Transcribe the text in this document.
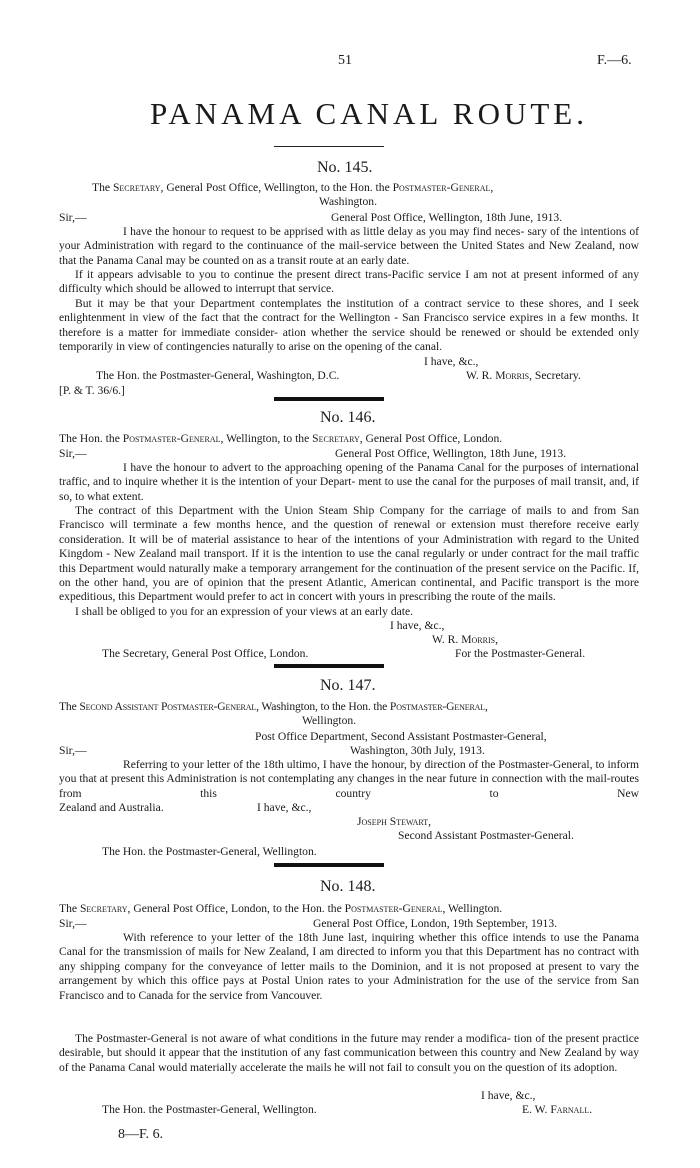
51	F.—6.
PANAMA CANAL ROUTE.
No. 145.
The Secretary, General Post Office, Wellington, to the Hon. the Postmaster-General,
Washington.
Sir,—	General Post Office, Wellington, 18th June, 1913.
I have the honour to request to be apprised with as little delay as you may find neces- sary of the intentions of your Administration with regard to the continuance of the mail-service between the United States and New Zealand, now that the Panama Canal may be counted on as a transit route at an early date.
If it appears advisable to you to continue the present direct trans-Pacific service I am not at present informed of any difficulty which should be allowed to interrupt that service.
But it may be that your Department contemplates the institution of a contract service to these shores, and I seek enlightenment in view of the fact that the contract for the Wellington - San Francisco service expires in a few months. It therefore is a matter for immediate consider- ation whether the service should be renewed or should be extended only temporarily in view of contingencies naturally to arise on the opening of the canal.
I have, &c.,
The Hon. the Postmaster-General, Washington, D.C.	W. R. Morris, Secretary.
[P. & T. 36/6.]
No. 146.
The Hon. the Postmaster-General, Wellington, to the Secretary, General Post Office, London.
Sir,—	General Post Office, Wellington, 18th June, 1913.
I have the honour to advert to the approaching opening of the Panama Canal for the purposes of international traffic, and to inquire whether it is the intention of your Depart- ment to use the canal for the purposes of mail transit, and, if so, to what extent.
The contract of this Department with the Union Steam Ship Company for the carriage of mails to and from San Francisco will terminate a few months hence, and the question of renewal or extension must therefore receive early consideration. It will be of material assistance to hear of the intentions of your Administration with regard to the United Kingdom - New Zealand mail transport. If it is the intention to use the canal regularly or under contract for the mail traffic this Department would naturally make a temporary arrangement for the continuation of the present service on the Pacific. If, on the other hand, you are of opinion that the present Atlantic, American continental, and Pacific transport is the more expeditious, this Department would prefer to act in concert with yours in prescribing the route of the mails.
I shall be obliged to you for an expression of your views at an early date.
I have, &c.,
W. R. Morris,
The Secretary, General Post Office, London.	For the Postmaster-General.
No. 147.
The Second Assistant Postmaster-General, Washington, to the Hon. the Postmaster-General,
Wellington.
Post Office Department, Second Assistant Postmaster-General,
Sir,—	Washington, 30th July, 1913.
Referring to your letter of the 18th ultimo, I have the honour, by direction of the Postmaster-General, to inform you that at present this Administration is not contemplating any changes in the near future in connection with the mail-routes from this country to New
Zealand and Australia.	I have, &c.,
Joseph Stewart,
Second Assistant Postmaster-General.
The Hon. the Postmaster-General, Wellington.
No. 148.
The Secretary, General Post Office, London, to the Hon. the Postmaster-General, Wellington.
Sir,—	General Post Office, London, 19th September, 1913.
With reference to your letter of the 18th June last, inquiring whether this office intends to use the Panama Canal for the transmission of mails for New Zealand, I am directed to inform you that this Department has no contract with any shipping company for the conveyance of letter mails to the Dominion, and it is not proposed at present to vary the arrangement by which this office pays at Postal Union rates to your Administration for the use of the service from San Francisco and to Canada for the service from Vancouver.
The Postmaster-General is not aware of what conditions in the future may render a modifica- tion of the present practice desirable, but should it appear that the institution of any fast communication between this country and New Zealand by way of the Panama Canal would materially accelerate the mails he will not fail to consult you on the question of its adoption.
I have, &c.,
The Hon. the Postmaster-General, Wellington.	E. W. Farnall.
8—F. 6.
